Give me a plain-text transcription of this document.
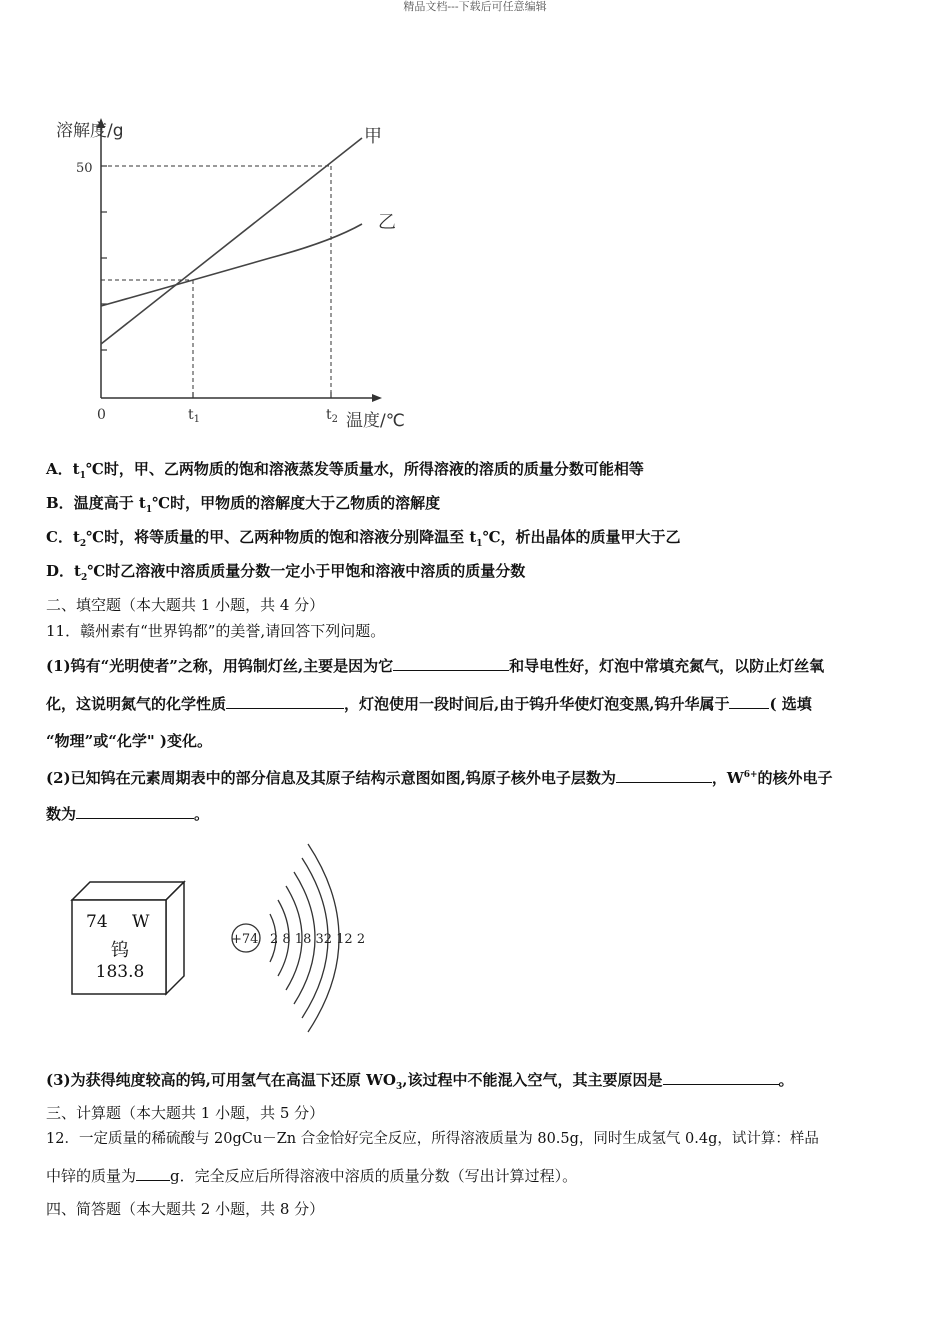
精品文档---下载后可任意编辑
溶解度/g
50
0	$t_1$	$t_2$ 温度/℃
甲
乙
A．$t_1℃$时，甲、乙两物质的饱和溶液蒸发等质量水，所得溶液的溶质的质量分数可能相等
B．温度高于 $t_1℃$时，甲物质的溶解度大于乙物质的溶解度
C．$t_2℃$时，将等质量的甲、乙两种物质的饱和溶液分别降温至 $t_1℃$，析出晶体的质量甲大于乙
D．$t_2℃$时乙溶液中溶质质量分数一定小于甲饱和溶液中溶质的质量分数
二、填空题（本大题共 1 小题，共 4 分）
11．赣州素有“世界钨都”的美誉,请回答下列问题。
(1)钨有“光明使者”之称，用钨制灯丝,主要是因为它	和导电性好，灯泡中常填充氮气，以防止灯丝氧
化，这说明氮气的化学性质	，灯泡使用一段时间后,由于钨升华使灯泡变黑,钨升华属于	( 选填
“物理”或“化学" )变化。
(2)已知钨在元素周期表中的部分信息及其原子结构示意图如图,钨原子核外电子层数为	，$W^{6+}$的核外电子
数为	。
74 W
钨
183.8
+74 2 8 18 32 12 2
(3)为获得纯度较高的钨,可用氢气在高温下还原 $WO_3$,该过程中不能混入空气，其主要原因是	。
三、计算题（本大题共 1 小题，共 5 分）
12．一定质量的稀硫酸与 20gCu－Zn 合金恰好完全反应，所得溶液质量为 80.5g，同时生成氢气 0.4g，试计算：样品
中锌的质量为 g．完全反应后所得溶液中溶质的质量分数（写出计算过程）。
四、简答题（本大题共 2 小题，共 8 分）
